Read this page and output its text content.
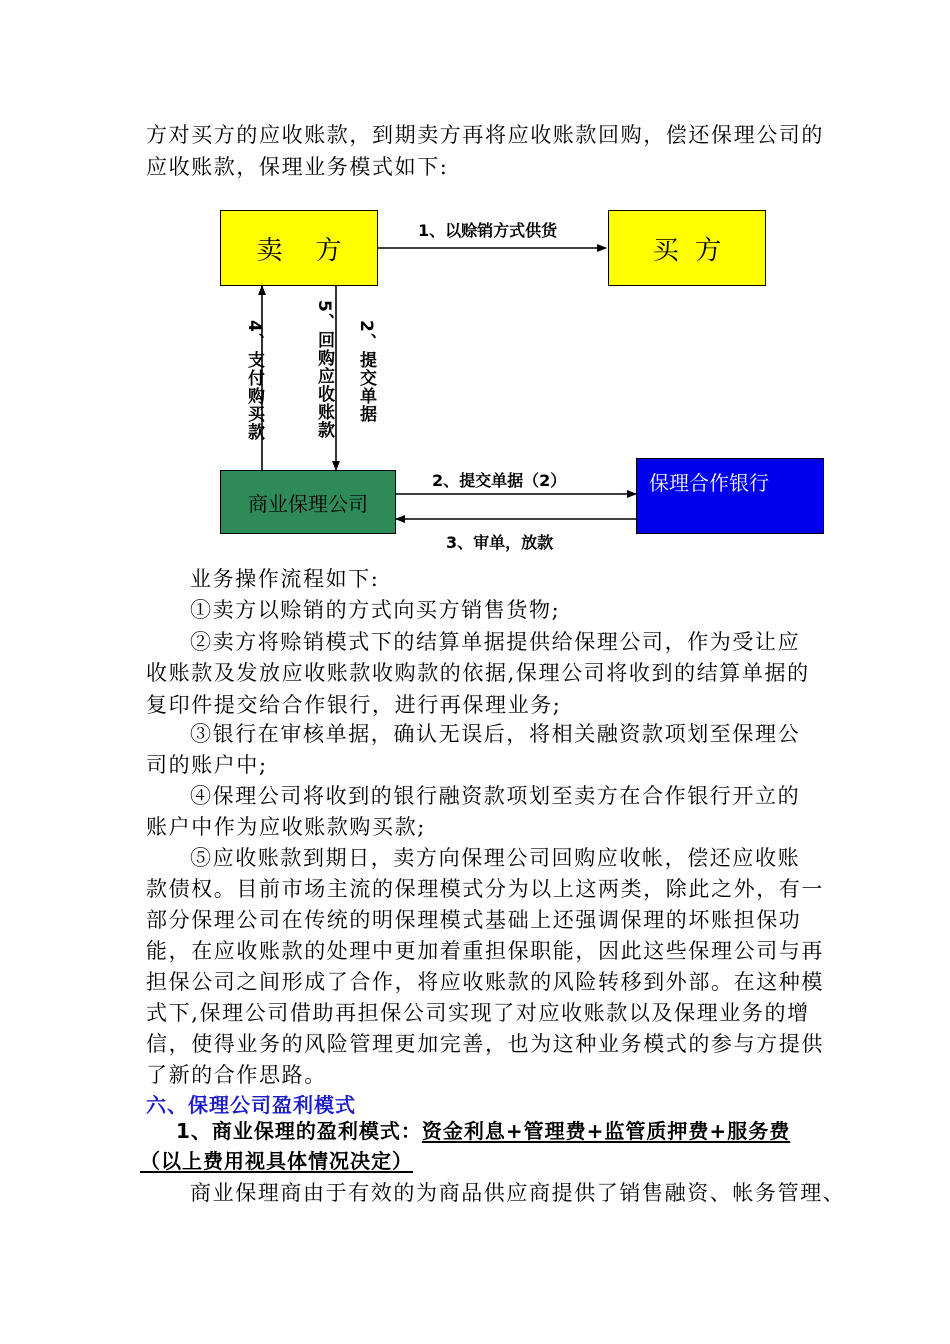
方对买方的应收账款，到期卖方再将应收账款回购，偿还保理公司的
应收账款，保理业务模式如下:
卖    方	买  方
商业保理公司
保理合作银行
1、以赊销方式供货
4、支付购买款	5、回购应收账款 2、提交单据
2、提交单据（2）
3、审单，放款
业务操作流程如下:
①卖方以赊销的方式向买方销售货物;
②卖方将赊销模式下的结算单据提供给保理公司，作为受让应
收账款及发放应收账款收购款的依据,保理公司将收到的结算单据的
复印件提交给合作银行，进行再保理业务;
③银行在审核单据，确认无误后，将相关融资款项划至保理公
司的账户中;
④保理公司将收到的银行融资款项划至卖方在合作银行开立的
账户中作为应收账款购买款;
⑤应收账款到期日，卖方向保理公司回购应收帐，偿还应收账
款债权。目前市场主流的保理模式分为以上这两类，除此之外，有一
部分保理公司在传统的明保理模式基础上还强调保理的坏账担保功
能，在应收账款的处理中更加着重担保职能，因此这些保理公司与再
担保公司之间形成了合作，将应收账款的风险转移到外部。在这种模
式下,保理公司借助再担保公司实现了对应收账款以及保理业务的增
信，使得业务的风险管理更加完善，也为这种业务模式的参与方提供
了新的合作思路。
六、保理公司盈利模式
1、商业保理的盈利模式：资金利息+管理费+监管质押费+服务费
（以上费用视具体情况决定）
商业保理商由于有效的为商品供应商提供了销售融资、帐务管理、
